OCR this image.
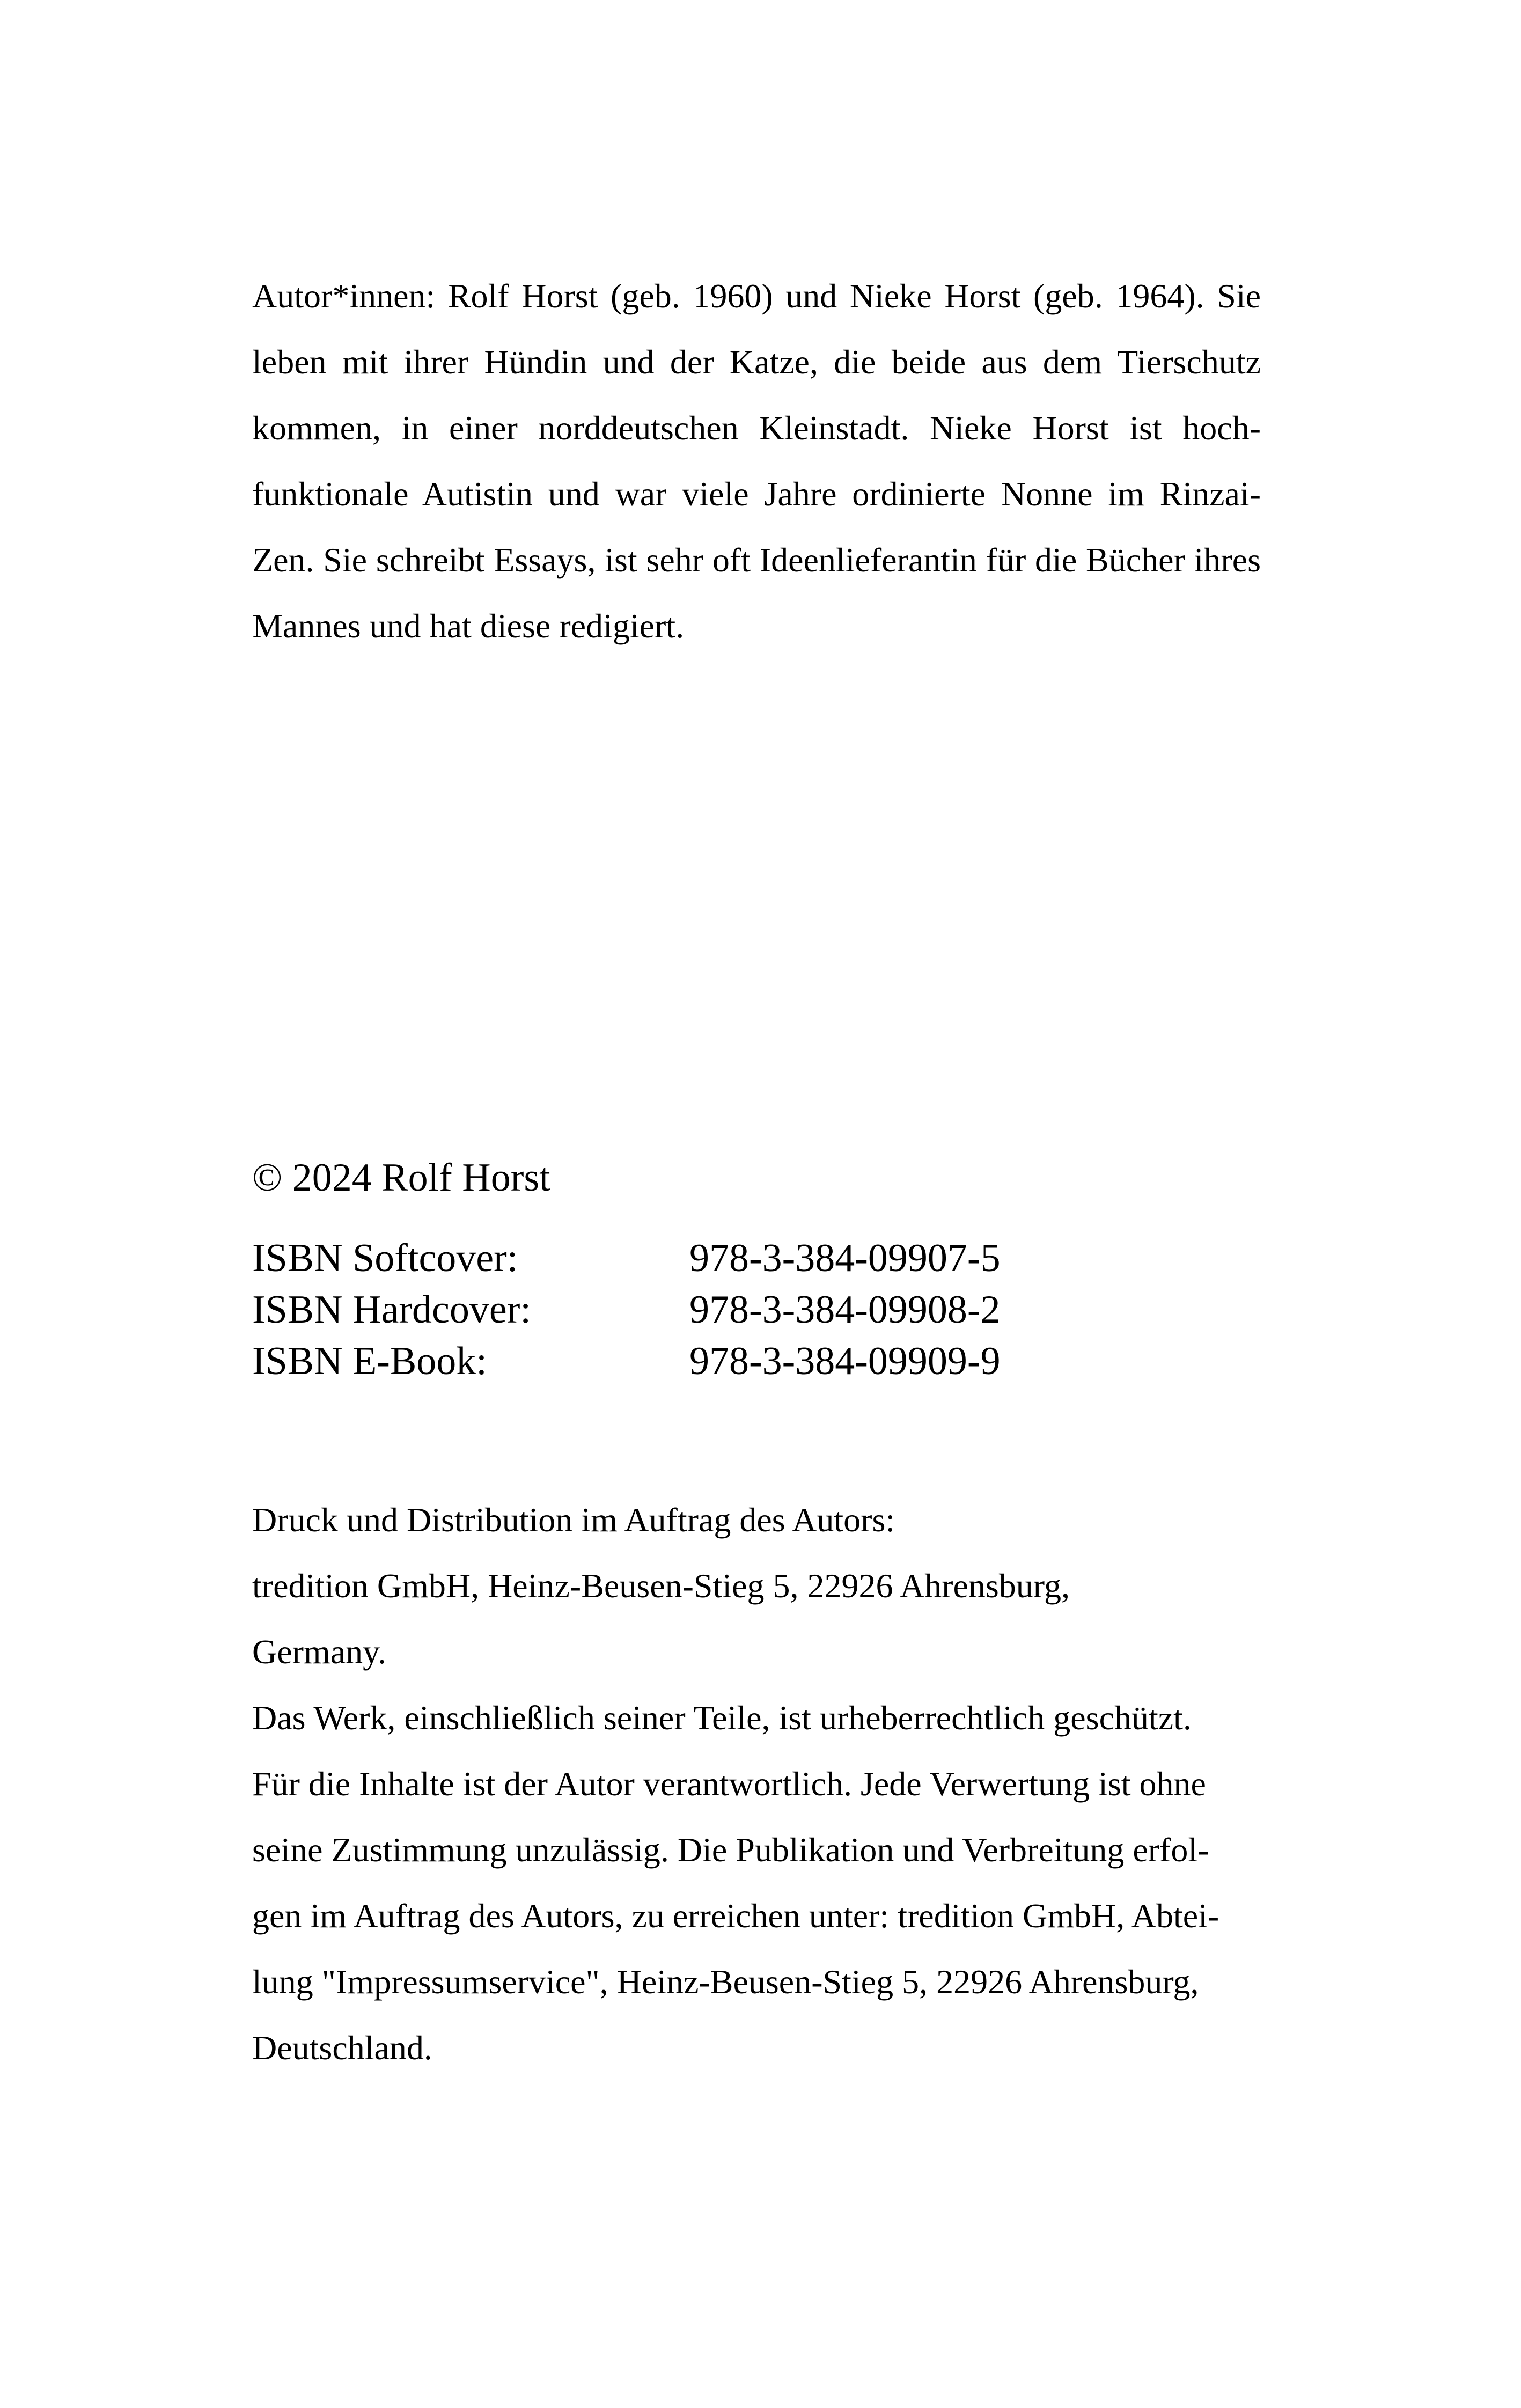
Autor*innen: Rolf Horst (geb. 1960) und Nieke Horst (geb. 1964). Sie leben mit ihrer Hündin und der Katze, die beide aus dem Tierschutz kommen, in einer norddeutschen Kleinstadt. Nieke Horst ist hochfunktionale Autistin und war viele Jahre ordinierte Nonne im Rinzai-Zen. Sie schreibt Essays, ist sehr oft Ideenlieferantin für die Bücher ihres Mannes und hat diese redigiert.

© 2024 Rolf Horst

ISBN Softcover:	978-3-384-09907-5
ISBN Hardcover:	978-3-384-09908-2
ISBN E-Book:	978-3-384-09909-9
Druck und Distribution im Auftrag des Autors:
tredition GmbH, Heinz-Beusen-Stieg 5, 22926 Ahrensburg,
Germany.
Das Werk, einschließlich seiner Teile, ist urheberrechtlich geschützt.
Für die Inhalte ist der Autor verantwortlich. Jede Verwertung ist ohne
seine Zustimmung unzulässig. Die Publikation und Verbreitung erfol-
gen im Auftrag des Autors, zu erreichen unter: tredition GmbH, Abtei-
lung "Impressumservice", Heinz-Beusen-Stieg 5, 22926 Ahrensburg,
Deutschland.
